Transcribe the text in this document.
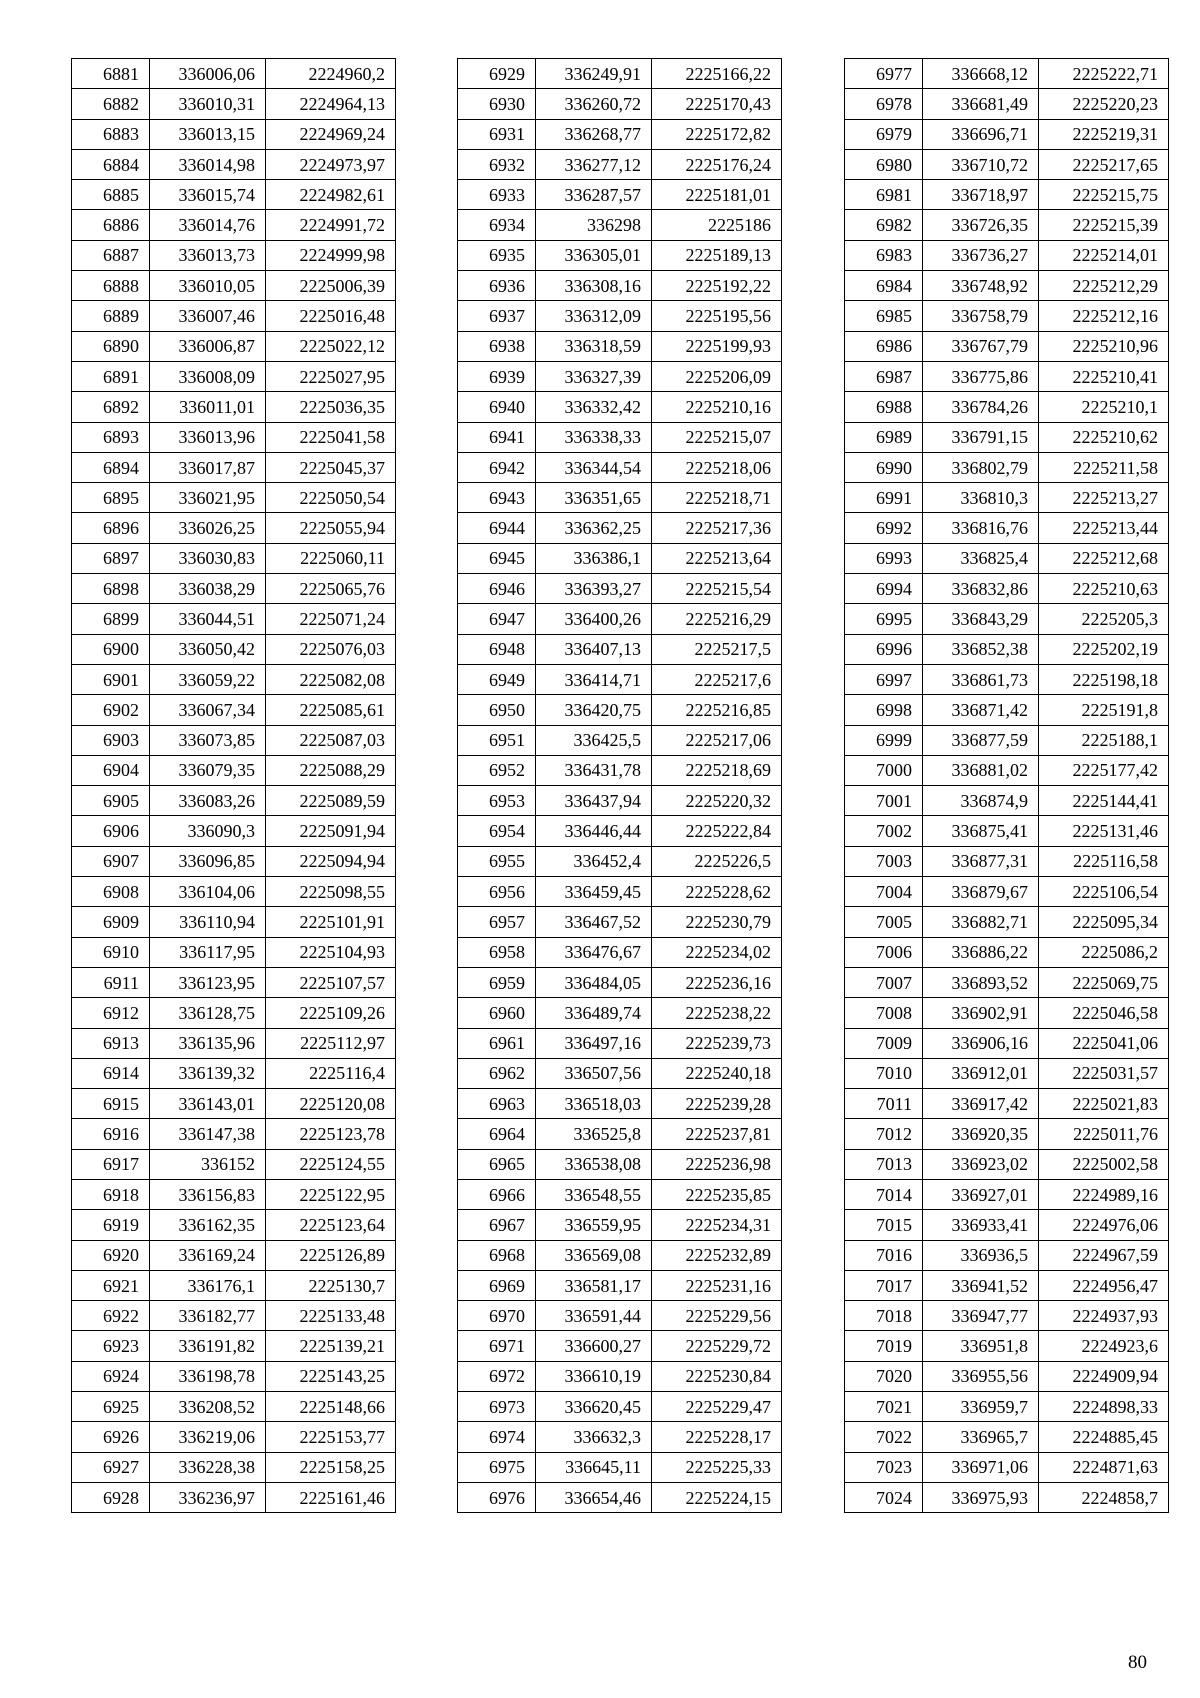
6881	336006,06	2224960,2
6882	336010,31	2224964,13
6883	336013,15	2224969,24
6884	336014,98	2224973,97
6885	336015,74	2224982,61
6886	336014,76	2224991,72
6887	336013,73	2224999,98
6888	336010,05	2225006,39
6889	336007,46	2225016,48
6890	336006,87	2225022,12
6891	336008,09	2225027,95
6892	336011,01	2225036,35
6893	336013,96	2225041,58
6894	336017,87	2225045,37
6895	336021,95	2225050,54
6896	336026,25	2225055,94
6897	336030,83	2225060,11
6898	336038,29	2225065,76
6899	336044,51	2225071,24
6900	336050,42	2225076,03
6901	336059,22	2225082,08
6902	336067,34	2225085,61
6903	336073,85	2225087,03
6904	336079,35	2225088,29
6905	336083,26	2225089,59
6906	336090,3	2225091,94
6907	336096,85	2225094,94
6908	336104,06	2225098,55
6909	336110,94	2225101,91
6910	336117,95	2225104,93
6911	336123,95	2225107,57
6912	336128,75	2225109,26
6913	336135,96	2225112,97
6914	336139,32	2225116,4
6915	336143,01	2225120,08
6916	336147,38	2225123,78
6917	336152	2225124,55
6918	336156,83	2225122,95
6919	336162,35	2225123,64
6920	336169,24	2225126,89
6921	336176,1	2225130,7
6922	336182,77	2225133,48
6923	336191,82	2225139,21
6924	336198,78	2225143,25
6925	336208,52	2225148,66
6926	336219,06	2225153,77
6927	336228,38	2225158,25
6928	336236,97	2225161,46
6929	336249,91	2225166,22
6930	336260,72	2225170,43
6931	336268,77	2225172,82
6932	336277,12	2225176,24
6933	336287,57	2225181,01
6934	336298	2225186
6935	336305,01	2225189,13
6936	336308,16	2225192,22
6937	336312,09	2225195,56
6938	336318,59	2225199,93
6939	336327,39	2225206,09
6940	336332,42	2225210,16
6941	336338,33	2225215,07
6942	336344,54	2225218,06
6943	336351,65	2225218,71
6944	336362,25	2225217,36
6945	336386,1	2225213,64
6946	336393,27	2225215,54
6947	336400,26	2225216,29
6948	336407,13	2225217,5
6949	336414,71	2225217,6
6950	336420,75	2225216,85
6951	336425,5	2225217,06
6952	336431,78	2225218,69
6953	336437,94	2225220,32
6954	336446,44	2225222,84
6955	336452,4	2225226,5
6956	336459,45	2225228,62
6957	336467,52	2225230,79
6958	336476,67	2225234,02
6959	336484,05	2225236,16
6960	336489,74	2225238,22
6961	336497,16	2225239,73
6962	336507,56	2225240,18
6963	336518,03	2225239,28
6964	336525,8	2225237,81
6965	336538,08	2225236,98
6966	336548,55	2225235,85
6967	336559,95	2225234,31
6968	336569,08	2225232,89
6969	336581,17	2225231,16
6970	336591,44	2225229,56
6971	336600,27	2225229,72
6972	336610,19	2225230,84
6973	336620,45	2225229,47
6974	336632,3	2225228,17
6975	336645,11	2225225,33
6976	336654,46	2225224,15
6977	336668,12	2225222,71
6978	336681,49	2225220,23
6979	336696,71	2225219,31
6980	336710,72	2225217,65
6981	336718,97	2225215,75
6982	336726,35	2225215,39
6983	336736,27	2225214,01
6984	336748,92	2225212,29
6985	336758,79	2225212,16
6986	336767,79	2225210,96
6987	336775,86	2225210,41
6988	336784,26	2225210,1
6989	336791,15	2225210,62
6990	336802,79	2225211,58
6991	336810,3	2225213,27
6992	336816,76	2225213,44
6993	336825,4	2225212,68
6994	336832,86	2225210,63
6995	336843,29	2225205,3
6996	336852,38	2225202,19
6997	336861,73	2225198,18
6998	336871,42	2225191,8
6999	336877,59	2225188,1
7000	336881,02	2225177,42
7001	336874,9	2225144,41
7002	336875,41	2225131,46
7003	336877,31	2225116,58
7004	336879,67	2225106,54
7005	336882,71	2225095,34
7006	336886,22	2225086,2
7007	336893,52	2225069,75
7008	336902,91	2225046,58
7009	336906,16	2225041,06
7010	336912,01	2225031,57
7011	336917,42	2225021,83
7012	336920,35	2225011,76
7013	336923,02	2225002,58
7014	336927,01	2224989,16
7015	336933,41	2224976,06
7016	336936,5	2224967,59
7017	336941,52	2224956,47
7018	336947,77	2224937,93
7019	336951,8	2224923,6
7020	336955,56	2224909,94
7021	336959,7	2224898,33
7022	336965,7	2224885,45
7023	336971,06	2224871,63
7024	336975,93	2224858,7
80
